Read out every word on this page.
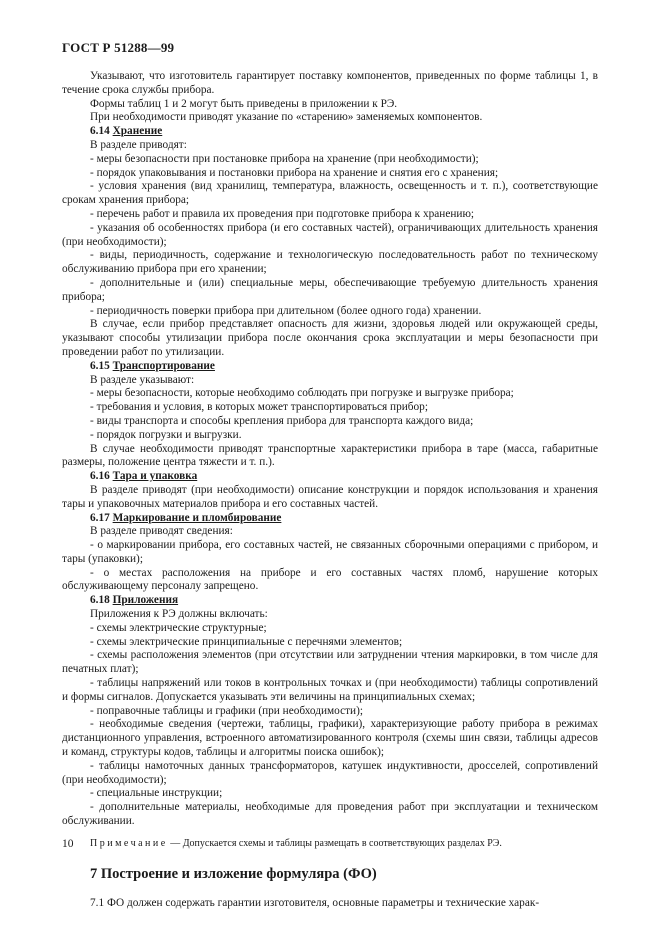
ГОСТ Р 51288—99

Указывают, что изготовитель гарантирует поставку компонентов, приведенных по форме таблицы 1, в течение срока службы прибора.

Формы таблиц 1 и 2 могут быть приведены в приложении к РЭ.

При необходимости приводят указание по «старению» заменяемых компонентов.

6.14 Хранение

В разделе приводят:

- меры безопасности при постановке прибора на хранение (при необходимости);

- порядок упаковывания и постановки прибора на хранение и снятия его с хранения;

- условия хранения (вид хранилищ, температура, влажность, освещенность и т. п.), соответствующие срокам хранения прибора;

- перечень работ и правила их проведения при подготовке прибора к хранению;

- указания об особенностях прибора (и его составных частей), ограничивающих длительность хранения (при необходимости);

- виды, периодичность, содержание и технологическую последовательность работ по техническому обслуживанию прибора при его хранении;

- дополнительные и (или) специальные меры, обеспечивающие требуемую длительность хранения прибора;

- периодичность поверки прибора при длительном (более одного года) хранении.

В случае, если прибор представляет опасность для жизни, здоровья людей или окружающей среды, указывают способы утилизации прибора после окончания срока эксплуатации и меры безопасности при проведении работ по утилизации.

6.15 Транспортирование

В разделе указывают:

- меры безопасности, которые необходимо соблюдать при погрузке и выгрузке прибора;

- требования и условия, в которых может транспортироваться прибор;

- виды транспорта и способы крепления прибора для транспорта каждого вида;

- порядок погрузки и выгрузки.

В случае необходимости приводят транспортные характеристики прибора в таре (масса, габаритные размеры, положение центра тяжести и т. п.).

6.16 Тара и упаковка

В разделе приводят (при необходимости) описание конструкции и порядок использования и хранения тары и упаковочных материалов прибора и его составных частей.

6.17 Маркирование и пломбирование

В разделе приводят сведения:

- о маркировании прибора, его составных частей, не связанных сборочными операциями с прибором, и тары (упаковки);

- о местах расположения на приборе и его составных частях пломб, нарушение которых обслуживающему персоналу запрещено.

6.18 Приложения

Приложения к РЭ должны включать:

- схемы электрические структурные;

- схемы электрические принципиальные с перечнями элементов;

- схемы расположения элементов (при отсутствии или затруднении чтения маркировки, в том числе для печатных плат);

- таблицы напряжений или токов в контрольных точках и (при необходимости) таблицы сопротивлений и формы сигналов. Допускается указывать эти величины на принципиальных схемах;

- поправочные таблицы и графики (при необходимости);

- необходимые сведения (чертежи, таблицы, графики), характеризующие работу прибора в режимах дистанционного управления, встроенного автоматизированного контроля (схемы шин связи, таблицы адресов и команд, структуры кодов, таблицы и алгоритмы поиска ошибок);

- таблицы намоточных данных трансформаторов, катушек индуктивности, дросселей, сопротивлений (при необходимости);

- специальные инструкции;

- дополнительные материалы, необходимые для проведения работ при эксплуатации и техническом обслуживании.

Примечание — Допускается схемы и таблицы размещать в соответствующих разделах РЭ.

7 Построение и изложение формуляра (ФО)

7.1 ФО должен содержать гарантии изготовителя, основные параметры и технические харак-

10
